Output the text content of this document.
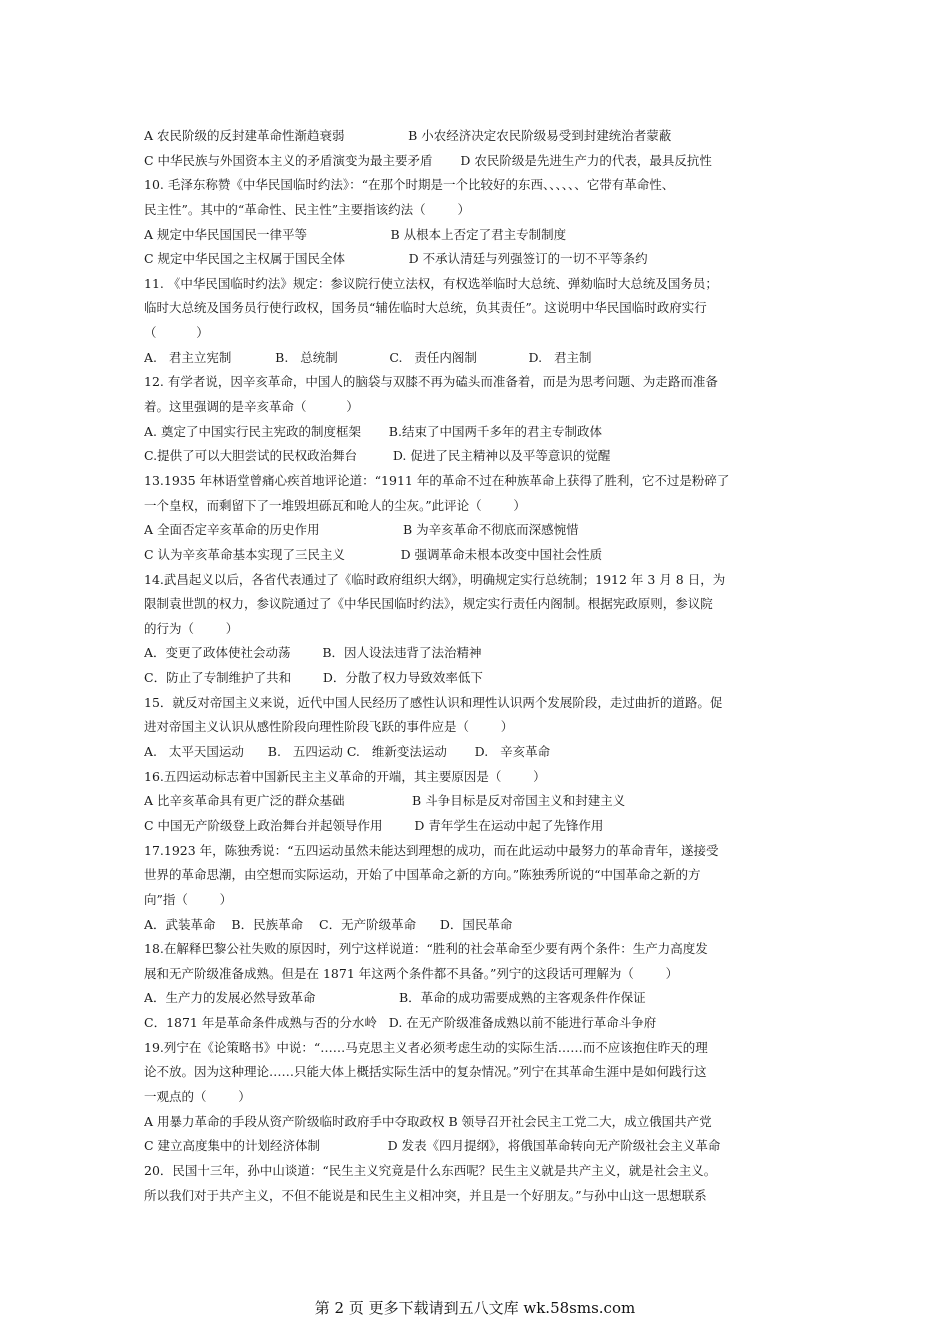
A 农民阶级的反封建革命性渐趋衰弱                B 小农经济决定农民阶级易受到封建统治者蒙蔽
C 中华民族与外国资本主义的矛盾演变为最主要矛盾       D 农民阶级是先进生产力的代表，最具反抗性
10. 毛泽东称赞《中华民国临时约法》：“在那个时期是一个比较好的东西、、、、、、它带有革命性、
民主性”。其中的“革命性、民主性”主要指该约法（        ）
A 规定中华民国国民一律平等                     B 从根本上否定了君主专制制度
C 规定中华民国之主权属于国民全体                D 不承认清廷与列强签订的一切不平等条约
11. 《中华民国临时约法》规定：参议院行使立法权，有权选举临时大总统、弹劾临时大总统及国务员；
临时大总统及国务员行使行政权，国务员“辅佐临时大总统，负其责任”。这说明中华民国临时政府实行
（          ）
A.   君主立宪制           B.   总统制             C.   责任内阁制             D.   君主制
12. 有学者说，因辛亥革命，中国人的脑袋与双膝不再为磕头而准备着，而是为思考问题、为走路而准备
着。这里强调的是辛亥革命（          ）
A. 奠定了中国实行民主宪政的制度框架       B.结束了中国两千多年的君主专制政体
C.提供了可以大胆尝试的民权政治舞台         D. 促进了民主精神以及平等意识的觉醒
13.1935 年林语堂曾痛心疾首地评论道：“1911 年的革命不过在种族革命上获得了胜利，它不过是粉碎了
一个皇权，而剩留下了一堆毁坦砾瓦和呛人的尘灰。”此评论（        ）
A 全面否定辛亥革命的历史作用                     B 为辛亥革命不彻底而深感惋惜
C 认为辛亥革命基本实现了三民主义              D 强调革命未根本改变中国社会性质
14.武昌起义以后，各省代表通过了《临时政府组织大纲》，明确规定实行总统制；1912 年 3 月 8 日，为
限制袁世凯的权力，参议院通过了《中华民国临时约法》，规定实行责任内阁制。根据宪政原则，参议院
的行为（        ）
A．变更了政体使社会动荡        B．因人设法违背了法治精神
C．防止了专制维护了共和        D．分散了权力导致效率低下
15．就反对帝国主义来说，近代中国人民经历了感性认识和理性认识两个发展阶段，走过曲折的道路。促
进对帝国主义认识从感性阶段向理性阶段飞跃的事件应是（        ）
A.   太平天国运动      B.   五四运动 C.   维新变法运动       D.   辛亥革命
16.五四运动标志着中国新民主主义革命的开端，其主要原因是（        ）
A 比辛亥革命具有更广泛的群众基础                 B 斗争目标是反对帝国主义和封建主义
C 中国无产阶级登上政治舞台并起领导作用        D 青年学生在运动中起了先锋作用
17.1923 年，陈独秀说：“五四运动虽然未能达到理想的成功，而在此运动中最努力的革命青年，遂接受
世界的革命思潮，由空想而实际运动，开始了中国革命之新的方向。”陈独秀所说的“中国革命之新的方
向”指（        ）
A．武装革命    B．民族革命    C．无产阶级革命      D．国民革命
18.在解释巴黎公社失败的原因时，列宁这样说道：“胜利的社会革命至少要有两个条件：生产力高度发
展和无产阶级准备成熟。但是在 1871 年这两个条件都不具备。”列宁的这段话可理解为（        ）
A．生产力的发展必然导致革命                     B．革命的成功需要成熟的主客观条件作保证
C．1871 年是革命条件成熟与否的分水岭   D. 在无产阶级准备成熟以前不能进行革命斗争府
19.列宁在《论策略书》中说：“……马克思主义者必须考虑生动的实际生活……而不应该抱住昨天的理
论不放。因为这种理论……只能大体上概括实际生活中的复杂情况。”列宁在其革命生涯中是如何践行这
一观点的（        ）
A 用暴力革命的手段从资产阶级临时政府手中夺取政权 B 领导召开社会民主工党二大，成立俄国共产党
C 建立高度集中的计划经济体制                 D 发表《四月提纲》，将俄国革命转向无产阶级社会主义革命
20．民国十三年，孙中山谈道：“民生主义究竟是什么东西呢？民生主义就是共产主义，就是社会主义。
所以我们对于共产主义，不但不能说是和民生主义相冲突，并且是一个好朋友。”与孙中山这一思想联系
第 2 页 更多下载请到五八文库 wk.58sms.com
